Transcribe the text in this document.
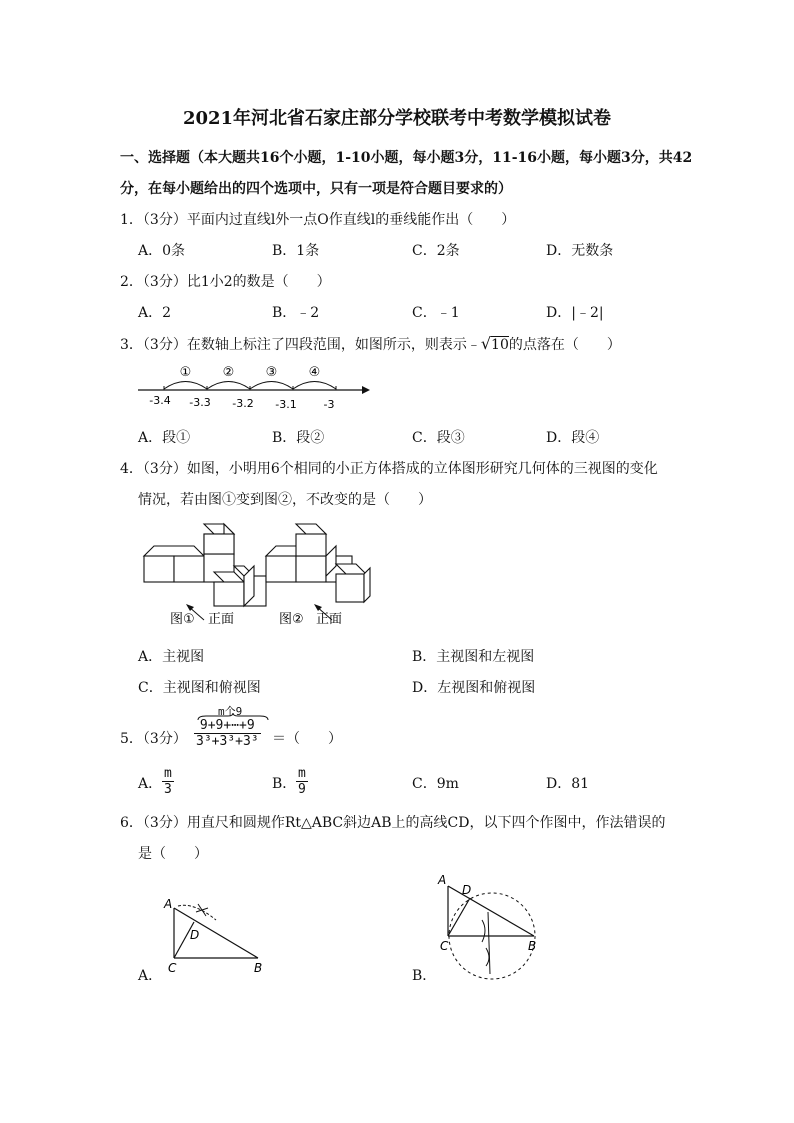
2021年河北省石家庄部分学校联考中考数学模拟试卷
一、选择题（本大题共16个小题，1-10小题，每小题3分，11-16小题，每小题3分，共42
分，在每小题给出的四个选项中，只有一项是符合题目要求的）
1．（3分）平面内过直线l外一点O作直线l的垂线能作出（　　）
A．0条	B．1条	C．2条	D．无数条
2．（3分）比1小2的数是（　　）
A．2	B．﹣2	C．﹣1	D．|﹣2|
3．（3分）在数轴上标注了四段范围，如图所示，则表示﹣√10的点落在（　　）
① ② ③ ④
-3.4 -3.3 -3.2 -3.1 -3
A．段①	B．段②	C．段③	D．段④
4．（3分）如图，小明用6个相同的小正方体搭成的立体图形研究几何体的三视图的变化
情况，若由图①变到图②，不改变的是（　　）
图① 正面	图② 正面
A．主视图	B．主视图和左视图
C．主视图和俯视图	D．左视图和俯视图
5．（3分）
m个9
$\frac{9+9+\cdots+9}{\text{3³+3³+3³}}$ ＝（　　）
A． $\frac{m}{3}$	B． $\frac{m}{9}$	C．9m	D．81
6．（3分）用直尺和圆规作Rt△ABC斜边AB上的高线CD，以下四个作图中，作法错误的
是（　　）
A．
A
D
C	B	B．
A
D
C	B
